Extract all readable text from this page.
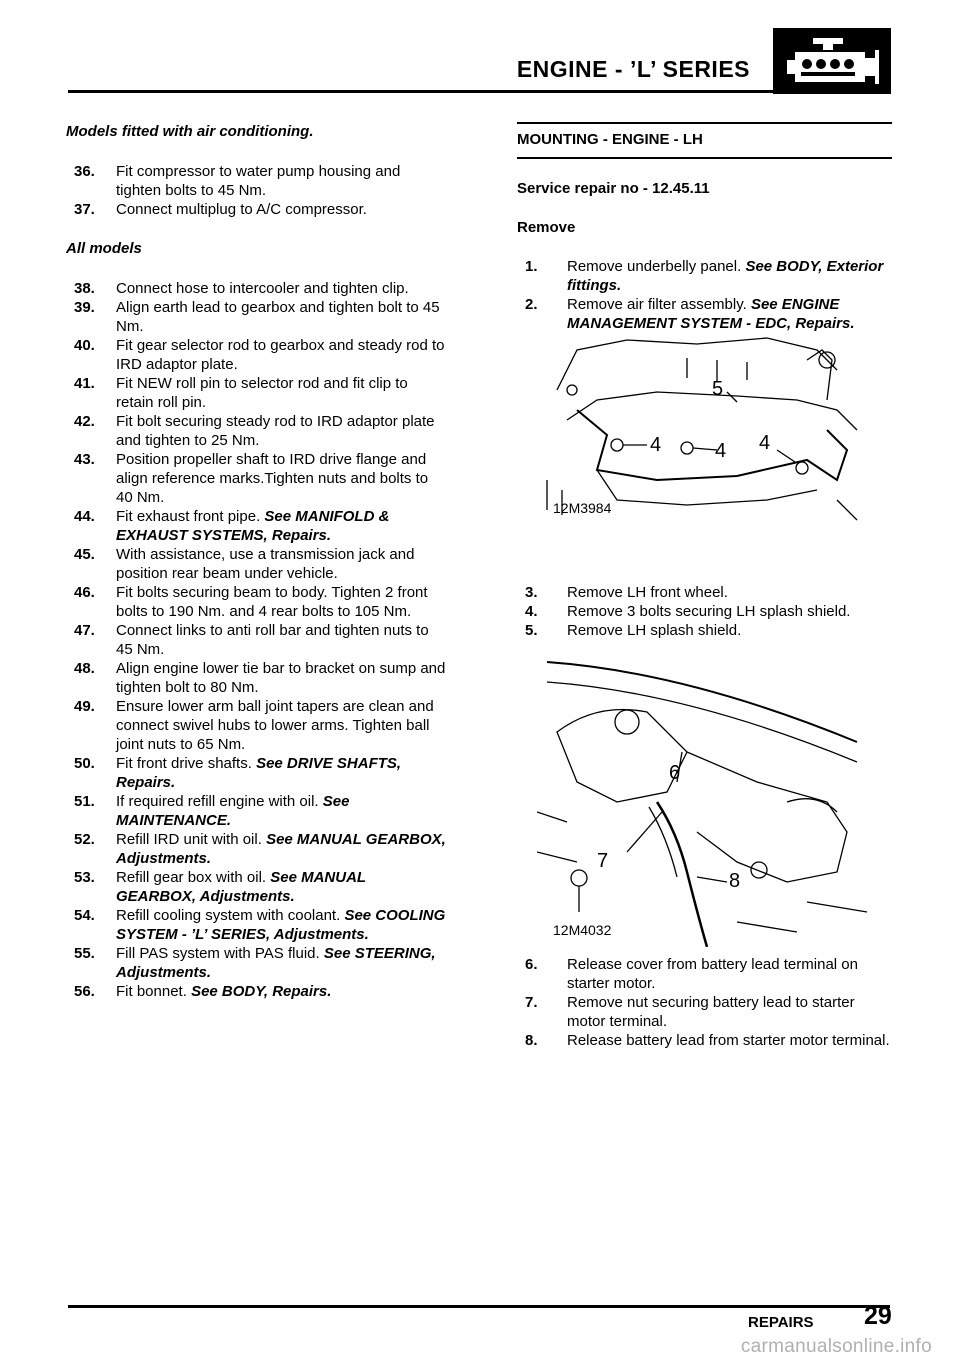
ENGINE - ’L’ SERIES
Models fitted with air conditioning.
36.	Fit compressor to water pump housing and tighten bolts to 45 Nm.
37.	Connect multiplug to A/C compressor.
All models
38.	Connect hose to intercooler and tighten clip.
39.	Align earth lead to gearbox and tighten bolt to 45 Nm.
40.	Fit gear selector rod to gearbox and steady rod to IRD adaptor plate.
41.	Fit NEW roll pin to selector rod and fit clip to retain roll pin.
42.	Fit bolt securing steady rod to IRD adaptor plate and tighten to 25 Nm.
43.	Position propeller shaft to IRD drive flange and align reference marks.Tighten nuts and bolts to 40 Nm.
44.	Fit exhaust front pipe. See MANIFOLD & EXHAUST SYSTEMS, Repairs.
45.	With assistance, use a transmission jack and position rear beam under vehicle.
46.	Fit bolts securing beam to body. Tighten 2 front bolts to 190 Nm. and 4 rear bolts to 105 Nm.
47.	Connect links to anti roll bar and tighten nuts to 45 Nm.
48.	Align engine lower tie bar to bracket on sump and tighten bolt to 80 Nm.
49.	Ensure lower arm ball joint tapers are clean and connect swivel hubs to lower arms. Tighten ball joint nuts to 65 Nm.
50.	Fit front drive shafts. See DRIVE SHAFTS, Repairs.
51.	If required refill engine with oil. See MAINTENANCE.
52.	Refill IRD unit with oil. See MANUAL GEARBOX, Adjustments.
53.	Refill gear box with oil. See MANUAL GEARBOX, Adjustments.
54.	Refill cooling system with coolant. See COOLING SYSTEM - ’L’ SERIES, Adjustments.
55.	Fill PAS system with PAS fluid. See STEERING, Adjustments.
56.	Fit bonnet. See BODY, Repairs.
MOUNTING - ENGINE - LH
Service repair no - 12.45.11
Remove
1.	Remove underbelly panel. See BODY, Exterior fittings.
2.	Remove air filter assembly. See ENGINE MANAGEMENT SYSTEM - EDC, Repairs.
3.	Remove LH front wheel.
4.	Remove 3 bolts securing LH splash shield.
5.	Remove LH splash shield.
6.	Release cover from battery lead terminal on starter motor.
7.	Remove nut securing battery lead to starter motor terminal.
8.	Release battery lead from starter motor terminal.
5
4	4 4
12M3984
6
7
8
12M4032
REPAIRS 29
carmanualsonline.info
